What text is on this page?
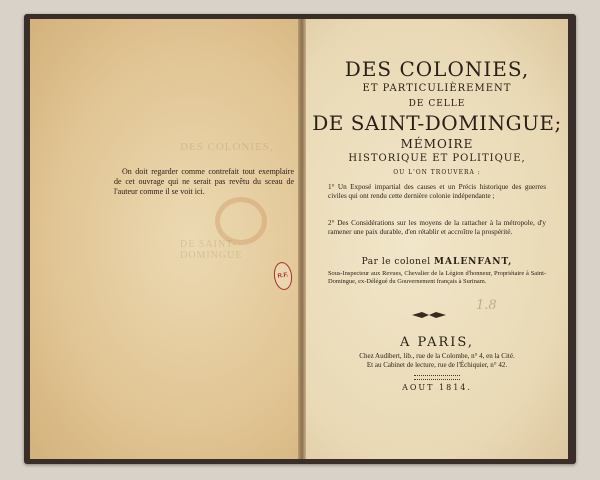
DES COLONIES,
DE SAINT-DOMINGUE

On doit regarder comme contrefait tout exemplaire de cet ouvrage qui ne serait pas revêtu du sceau de l'auteur comme il se voit ici.

DES COLONIES,
ET PARTICULIÈREMENT
DE CELLE
DE SAINT-DOMINGUE;
MÉMOIRE
HISTORIQUE ET POLITIQUE,
OU L'ON TROUVERA :
1° Un Exposé impartial des causes et un Précis historique des guerres civiles qui ont rendu cette dernière colonie indépendante ;
2° Des Considérations sur les moyens de la rattacher à la métropole, d'y ramener une paix durable, d'en rétablir et accroître la prospérité.
Par le colonel MALENFANT,
Sous-Inspecteur aux Revues, Chevalier de la Légion d'honneur, Propriétaire à Saint-Domingue, ex-Délégué du Gouvernement français à Surinam.
A PARIS,
Chez Audibert, lib., rue de la Colombe, n° 4, en la Cité.
Et au Cabinet de lecture, rue de l'Échiquier, n° 42.
AOUT 1814.
R.F.
1.8
